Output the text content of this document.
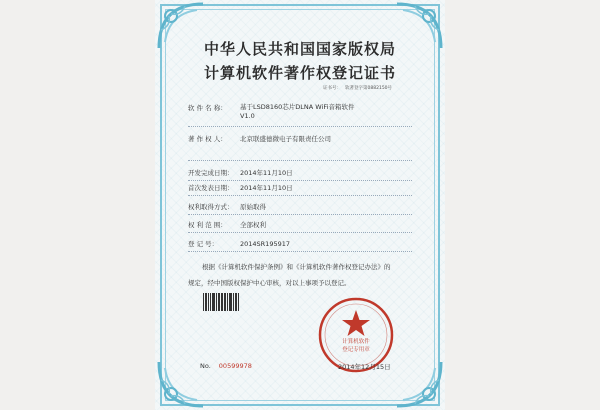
中华人民共和国国家版权局
计算机软件著作权登记证书
证书号： 软著登字第0882150号
软 件 名 称：	基于LSD8160芯片DLNA WiFi音箱软件
V1.0
著 作 权 人： 北京联盛德微电子有限责任公司
开发完成日期： 2014年11月10日
首次发表日期： 2014年11月10日
权利取得方式： 原始取得
权 利 范 围： 全部权利
登 记 号：	2014SR195917

根据《计算机软件保护条例》和《计算机软件著作权登记办法》的

规定，经中国版权保护中心审核，对以上事项予以登记。

计算机软件
登记专用章
No. 00599978	2014年12月15日
